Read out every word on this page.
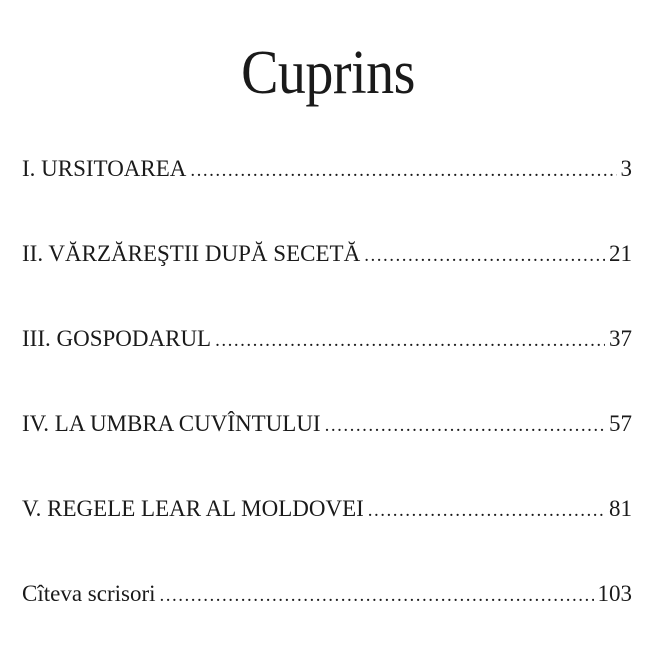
Cuprins
I. URSITOAREA .....	3
II. VĂRZĂREŞTII DUPĂ SECETĂ .....	21
III. GOSPODARUL .....	37
IV. LA UMBRA CUVÎNTULUI .....	57
V. REGELE LEAR AL MOLDOVEI .....	81
Cîteva scrisori .....	103
